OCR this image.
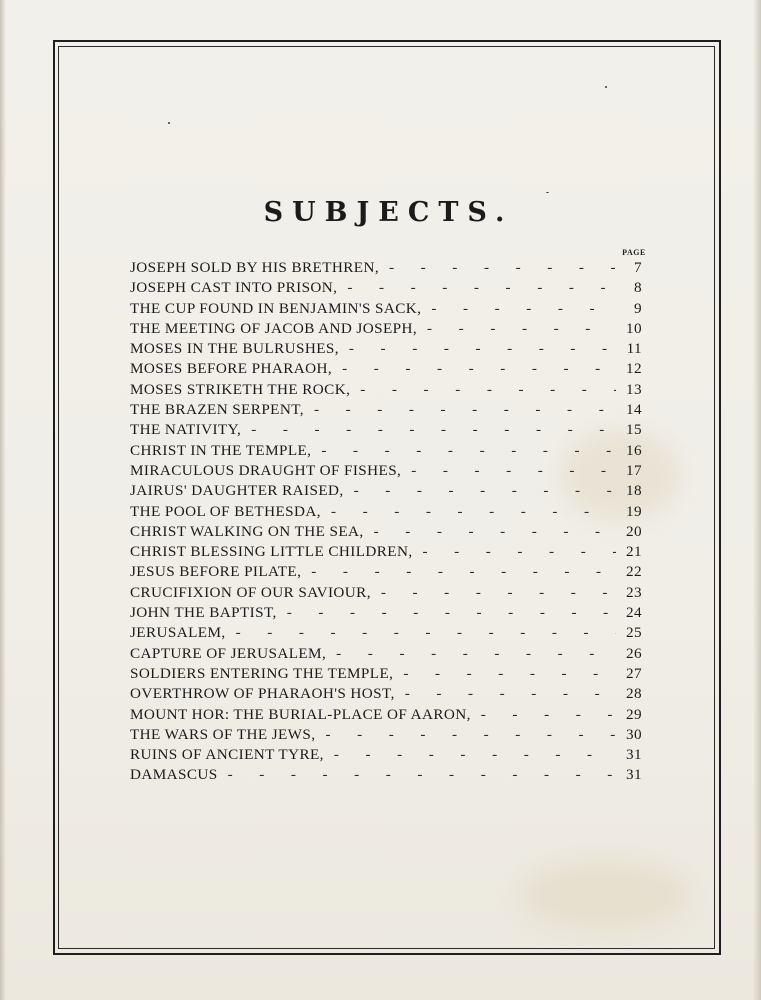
SUBJECTS.
PAGE
JOSEPH SOLD BY HIS BRETHREN, -	7
JOSEPH CAST INTO PRISON, -	8
THE CUP FOUND IN BENJAMIN'S SACK, -	9
THE MEETING OF JACOB AND JOSEPH, -	10
MOSES IN THE BULRUSHES, -	11
MOSES BEFORE PHARAOH, -	12
MOSES STRIKETH THE ROCK, -	13
THE BRAZEN SERPENT, -	14
THE NATIVITY, -	15
CHRIST IN THE TEMPLE, -	16
MIRACULOUS DRAUGHT OF FISHES, -	17
JAIRUS' DAUGHTER RAISED, -	18
THE POOL OF BETHESDA, -	19
CHRIST WALKING ON THE SEA, -	20
CHRIST BLESSING LITTLE CHILDREN, -	21
JESUS BEFORE PILATE, -	22
CRUCIFIXION OF OUR SAVIOUR, -	23
JOHN THE BAPTIST, -	24
JERUSALEM, -	25
CAPTURE OF JERUSALEM, -	26
SOLDIERS ENTERING THE TEMPLE, -	27
OVERTHROW OF PHARAOH'S HOST, -	28
MOUNT HOR: THE BURIAL-PLACE OF AARON, -	29
THE WARS OF THE JEWS, -	30
RUINS OF ANCIENT TYRE, -	31
DAMASCUS -	31
